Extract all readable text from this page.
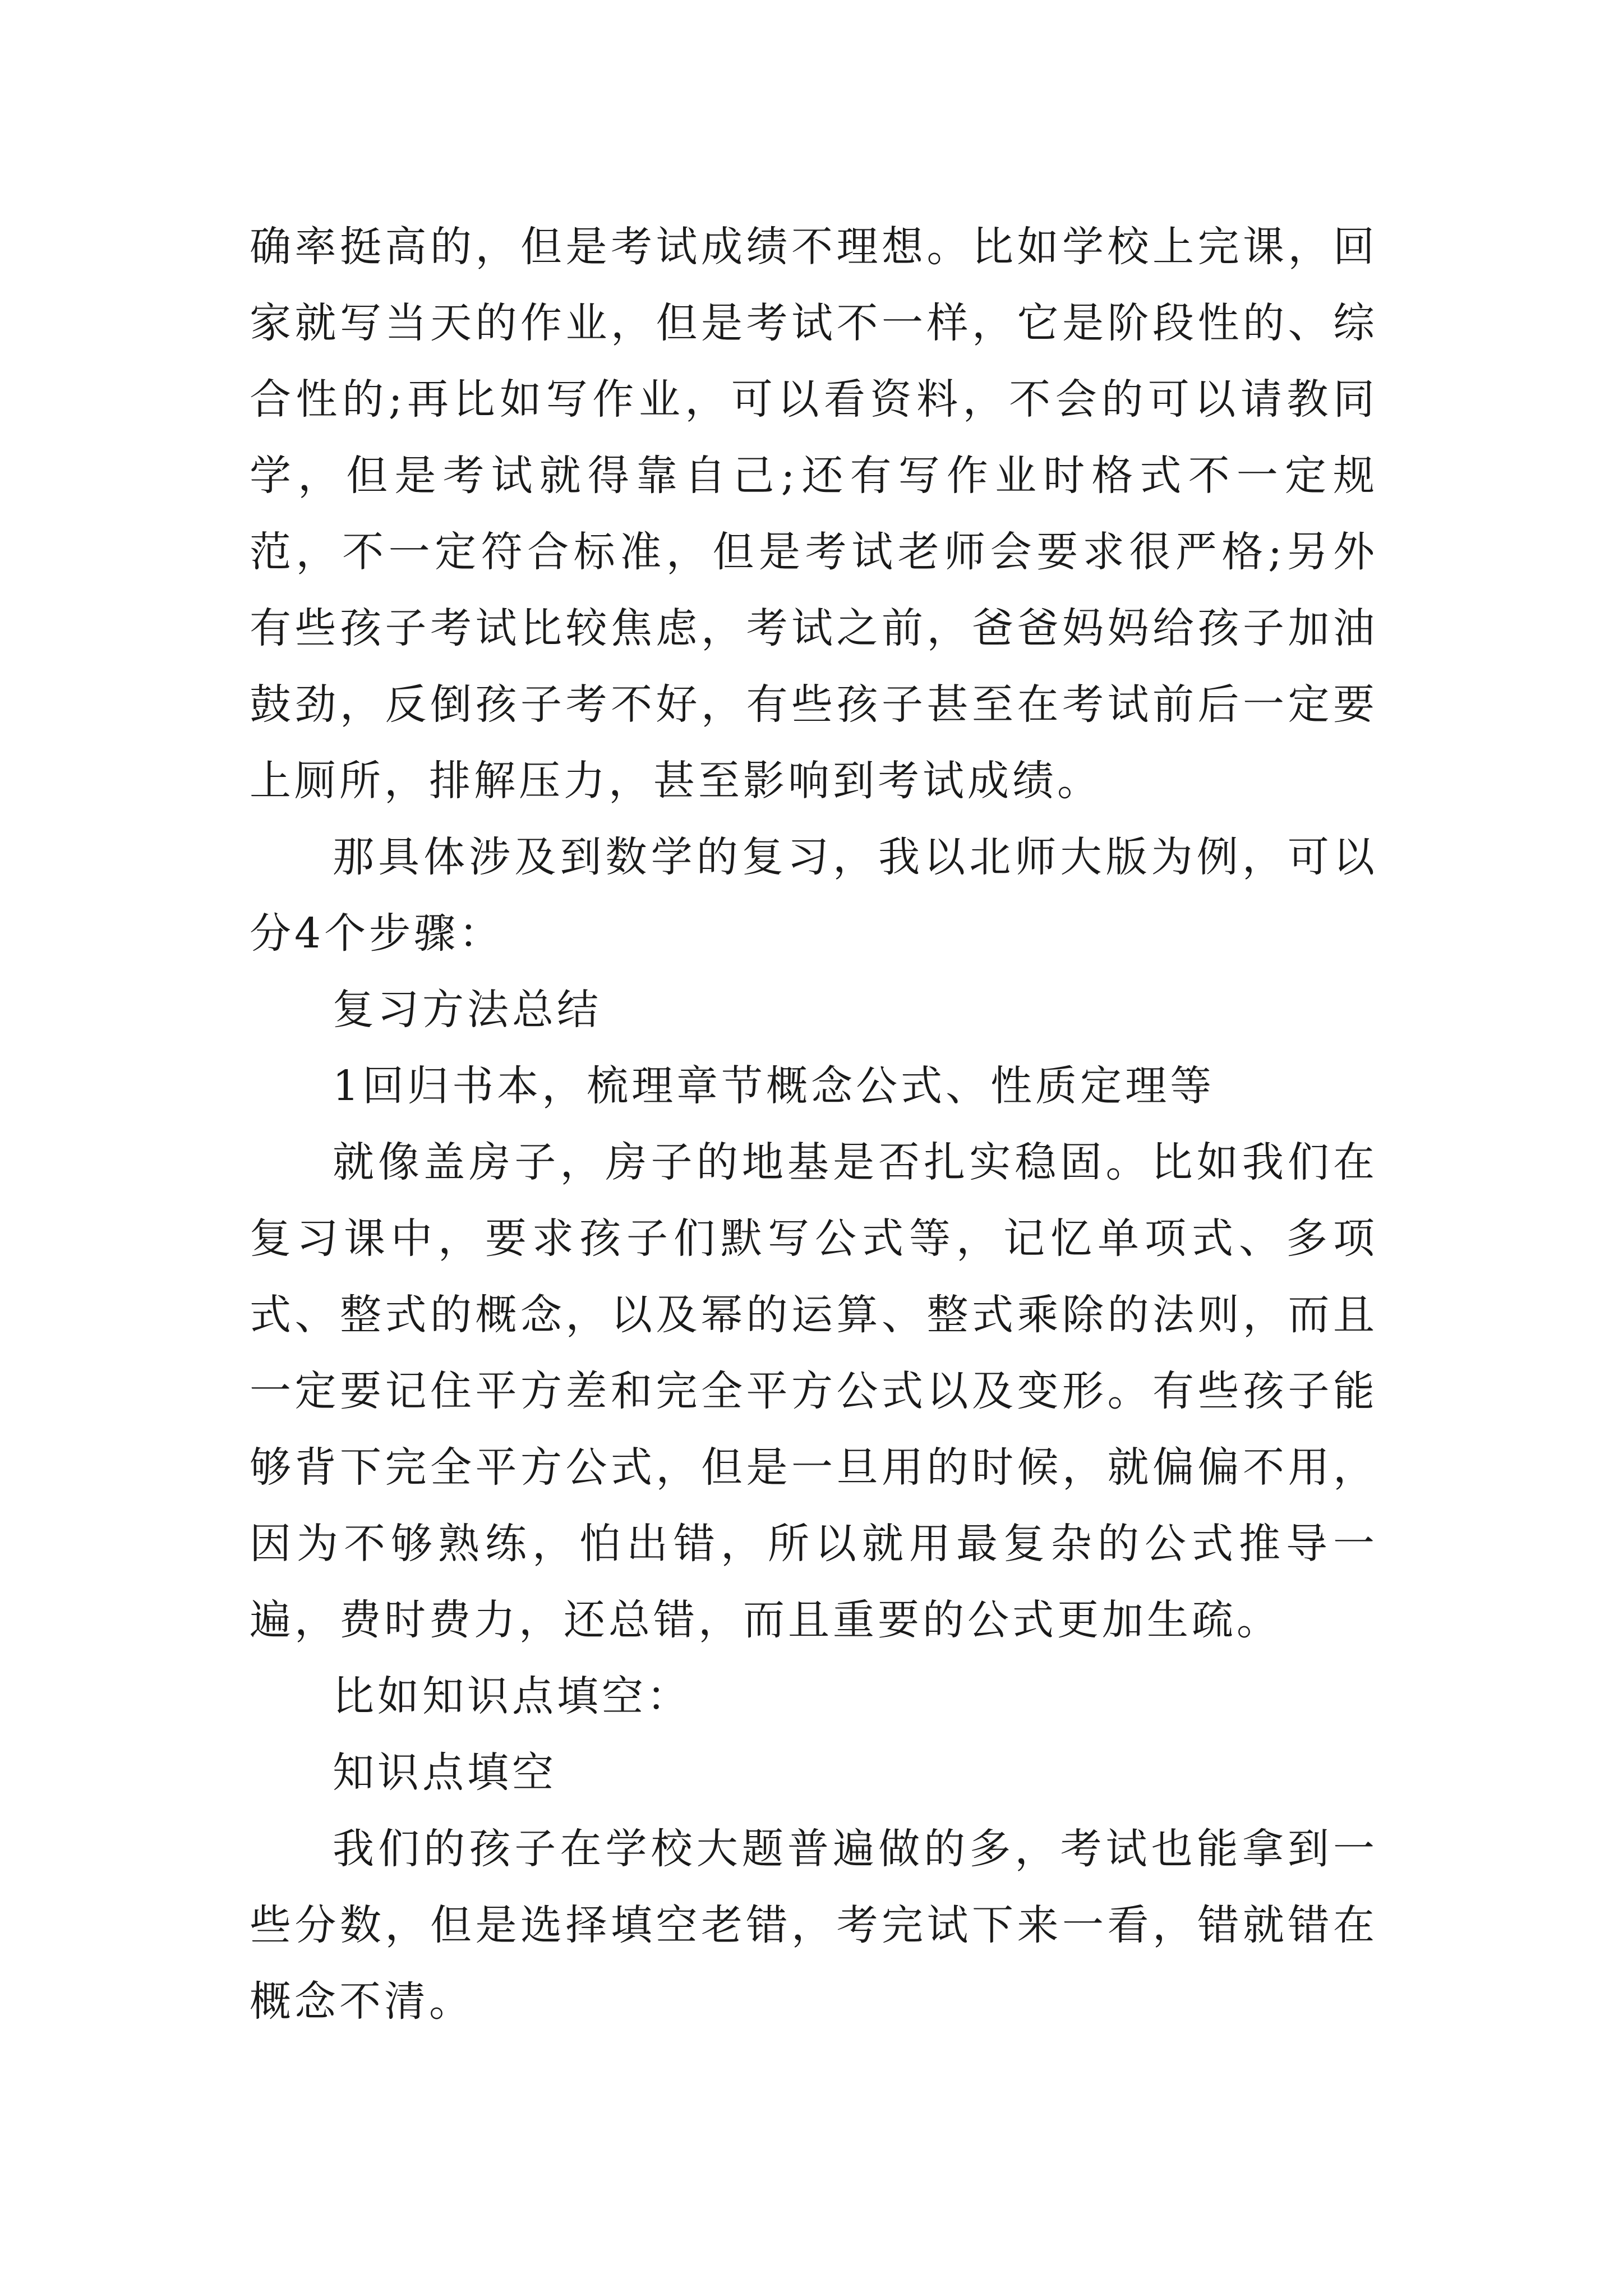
确率挺高的，但是考试成绩不理想。比如学校上完课，回家就写当天的作业，但是考试不一样，它是阶段性的、综合性的;再比如写作业，可以看资料，不会的可以请教同学，但是考试就得靠自己;还有写作业时格式不一定规范，不一定符合标准，但是考试老师会要求很严格;另外有些孩子考试比较焦虑，考试之前，爸爸妈妈给孩子加油鼓劲，反倒孩子考不好，有些孩子甚至在考试前后一定要上厕所，排解压力，甚至影响到考试成绩。

那具体涉及到数学的复习，我以北师大版为例，可以分4个步骤：

复习方法总结

1回归书本，梳理章节概念公式、性质定理等

就像盖房子，房子的地基是否扎实稳固。比如我们在复习课中，要求孩子们默写公式等，记忆单项式、多项式、整式的概念，以及幂的运算、整式乘除的法则，而且一定要记住平方差和完全平方公式以及变形。有些孩子能够背下完全平方公式，但是一旦用的时候，就偏偏不用，因为不够熟练，怕出错，所以就用最复杂的公式推导一遍，费时费力，还总错，而且重要的公式更加生疏。

比如知识点填空：

知识点填空

我们的孩子在学校大题普遍做的多，考试也能拿到一些分数，但是选择填空老错，考完试下来一看，错就错在概念不清。
